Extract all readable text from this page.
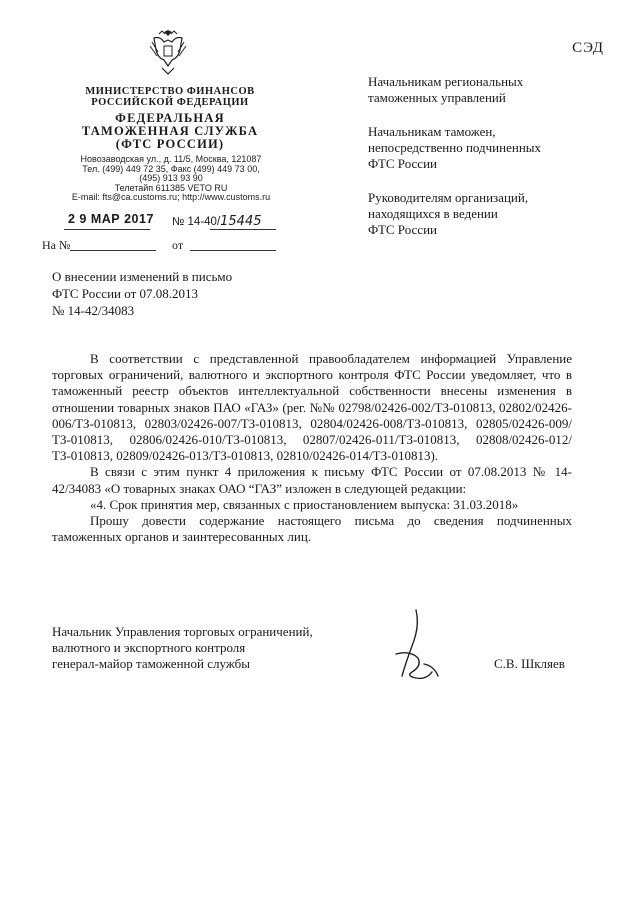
СЭД
МИНИСТЕРСТВО ФИНАНСОВ
РОССИЙСКОЙ ФЕДЕРАЦИИ
ФЕДЕРАЛЬНАЯ
ТАМОЖЕННАЯ СЛУЖБА
(ФТС РОССИИ)
Новозаводская ул., д. 11/5, Москва, 121087
Тел. (499) 449 72 35, Факс (499) 449 73 00,
(495) 913 93 90
Телетайп 611385 VETO RU
E-mail: fts@ca.customs.ru; http://www.customs.ru
2 9 МАР 2017 № 14-40/15445
На №	от
Начальникам региональных
таможенных управлений
Начальникам таможен,
непосредственно подчиненных
ФТС России
Руководителям организаций,
находящихся в ведении
ФТС России
О внесении изменений в письмо
ФТС России от 07.08.2013
№ 14-42/34083

В соответствии с представленной правообладателем информацией Управление торговых ограничений, валютного и экспортного контроля ФТС России уведомляет, что в таможенный реестр объектов интеллектуальной собственности внесены изменения в отношении товарных знаков ПАО «ГАЗ» (рег. №№ 02798/02426-002/ТЗ-010813, 02802/02426-006/ТЗ-010813, 02803/02426-007/ТЗ-010813, 02804/02426-008/ТЗ-010813, 02805/02426-009/ТЗ-010813, 02806/02426-010/ТЗ-010813, 02807/02426-011/ТЗ-010813, 02808/02426-012/ТЗ-010813, 02809/02426-013/ТЗ-010813, 02810/02426-014/ТЗ-010813).

В связи с этим пункт 4 приложения к письму ФТС России от 07.08.2013 № 14-42/34083 «О товарных знаках ОАО “ГАЗ” изложен в следующей редакции:

«4. Срок принятия мер, связанных с приостановлением выпуска: 31.03.2018»

Прошу довести содержание настоящего письма до сведения подчиненных таможенных органов и заинтересованных лиц.

Начальник Управления торговых ограничений,
валютного и экспортного контроля
генерал-майор таможенной службы	С.В. Шкляев
